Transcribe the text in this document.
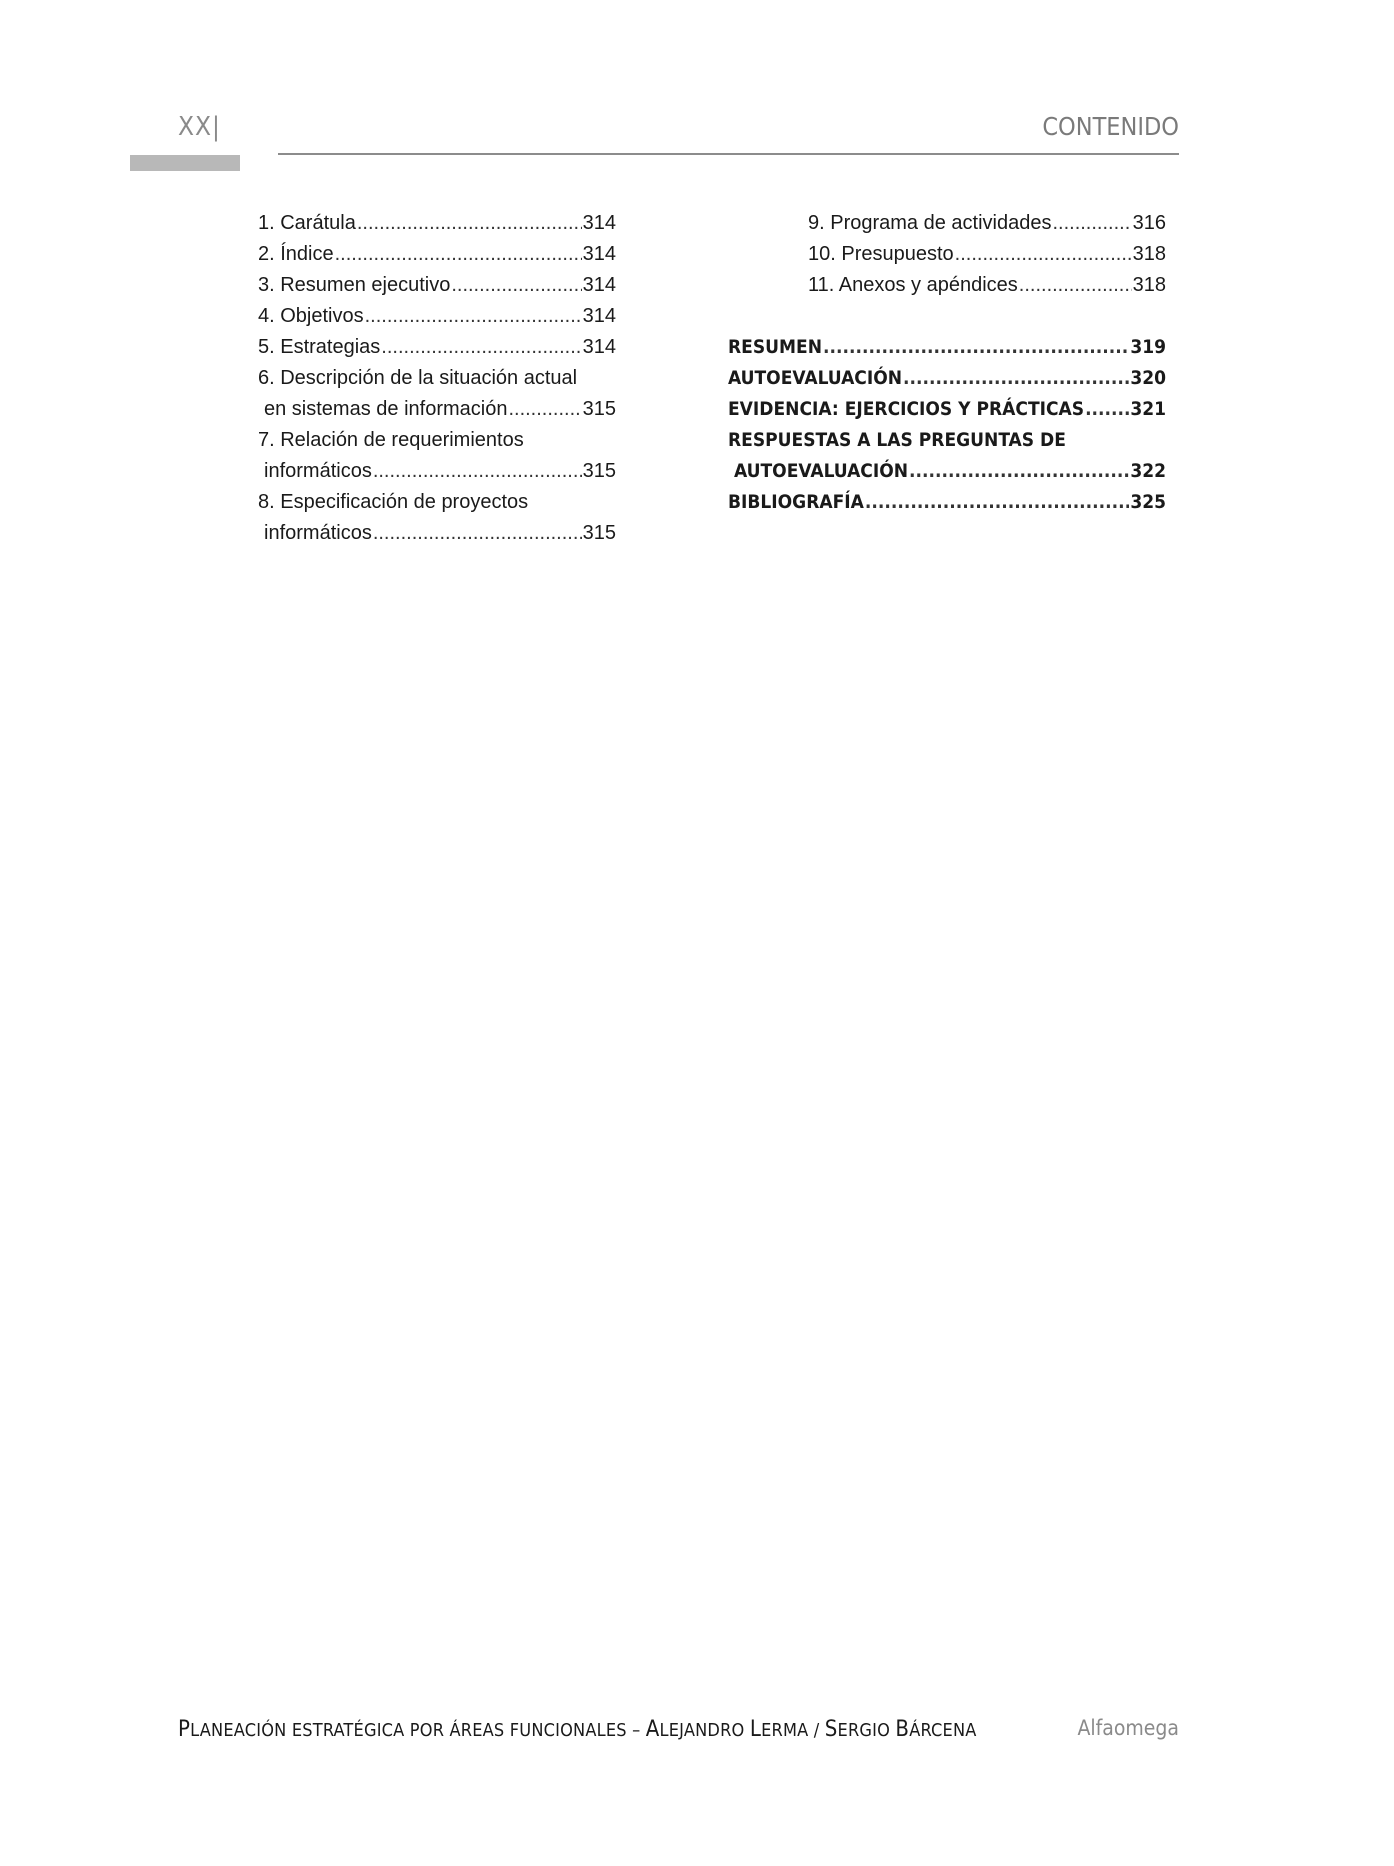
XX|	CONTENIDO
1. Carátula .....	314
2. Índice .....	314
3. Resumen ejecutivo .....	314
4. Objetivos .....	314
5. Estrategias .....	314
6. Descripción de la situación actual
en sistemas de información .....	315
7. Relación de requerimientos
informáticos .....	315
8. Especificación de proyectos
informáticos .....	315
9. Programa de actividades .....	316
10. Presupuesto .....	318
11. Anexos y apéndices .....	318
RESUMEN .....	319
AUTOEVALUACIÓN .....	320
EVIDENCIA: EJERCICIOS Y PRÁCTICAS ..... 321
RESPUESTAS A LAS PREGUNTAS DE
AUTOEVALUACIÓN .....	322
BIBLIOGRAFÍA .....	325
PLANEACIÓN ESTRATÉGICA POR ÁREAS FUNCIONALES – ALEJANDRO LERMA / SERGIO BÁRCENA	Alfaomega
